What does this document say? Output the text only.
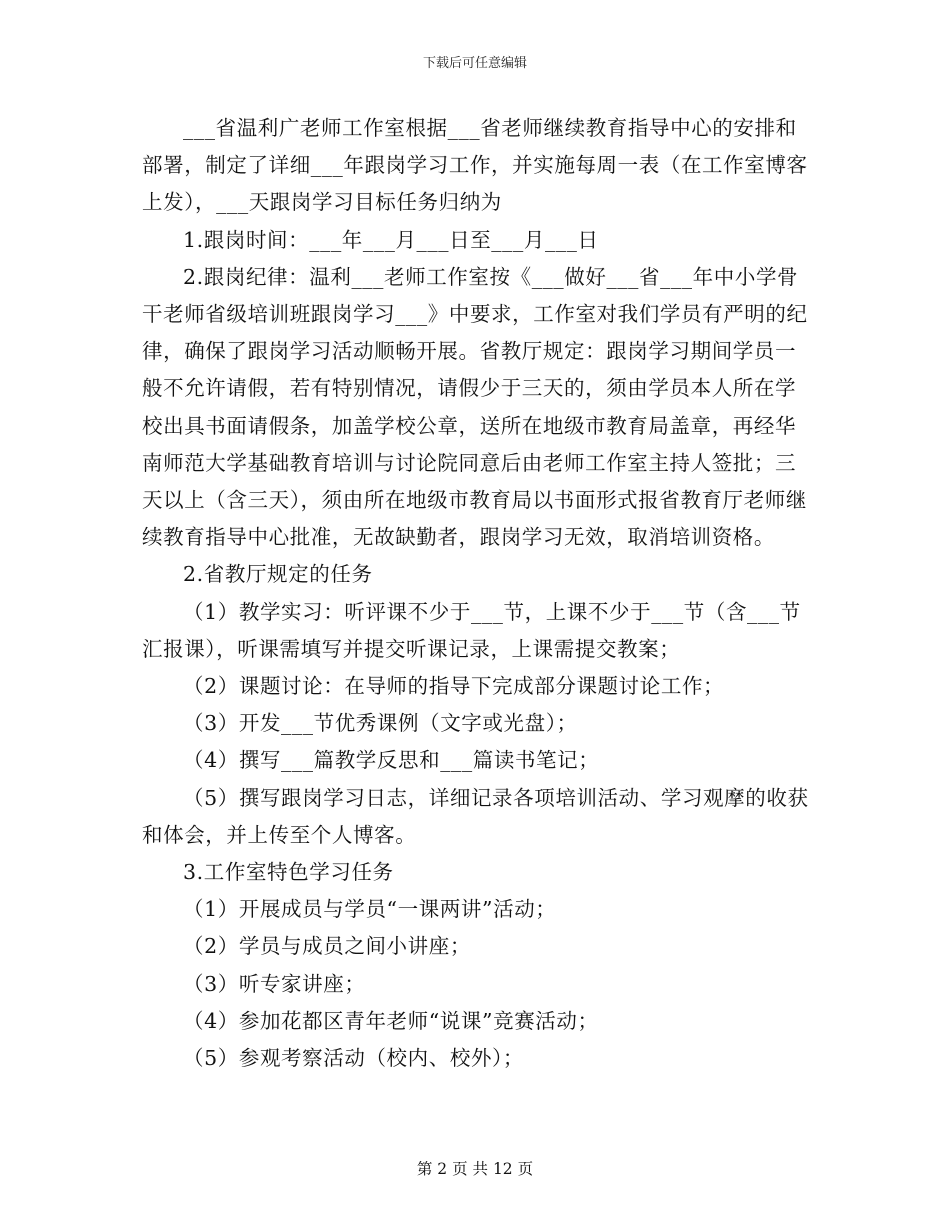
下载后可任意编辑

___省温利广老师工作室根据___省老师继续教育指导中心的安排和部署，制定了详细___年跟岗学习工作，并实施每周一表（在工作室博客上发），___天跟岗学习目标任务归纳为

1.跟岗时间：___年___月___日至___月___日

2.跟岗纪律：温利___老师工作室按《___做好___省___年中小学骨干老师省级培训班跟岗学习___》中要求，工作室对我们学员有严明的纪律，确保了跟岗学习活动顺畅开展。省教厅规定：跟岗学习期间学员一般不允许请假，若有特别情况，请假少于三天的，须由学员本人所在学校出具书面请假条，加盖学校公章，送所在地级市教育局盖章，再经华南师范大学基础教育培训与讨论院同意后由老师工作室主持人签批；三天以上（含三天），须由所在地级市教育局以书面形式报省教育厅老师继续教育指导中心批准，无故缺勤者，跟岗学习无效，取消培训资格。

2.省教厅规定的任务

（1）教学实习：听评课不少于___节，上课不少于___节（含___节汇报课），听课需填写并提交听课记录，上课需提交教案；

（2）课题讨论：在导师的指导下完成部分课题讨论工作；

（3）开发___节优秀课例（文字或光盘）；

（4）撰写___篇教学反思和___篇读书笔记；

（5）撰写跟岗学习日志，详细记录各项培训活动、学习观摩的收获和体会，并上传至个人博客。

3.工作室特色学习任务

（1）开展成员与学员“一课两讲”活动；

（2）学员与成员之间小讲座；

（3）听专家讲座；

（4）参加花都区青年老师“说课”竞赛活动；

（5）参观考察活动（校内、校外）；

第 2 页 共 12 页
